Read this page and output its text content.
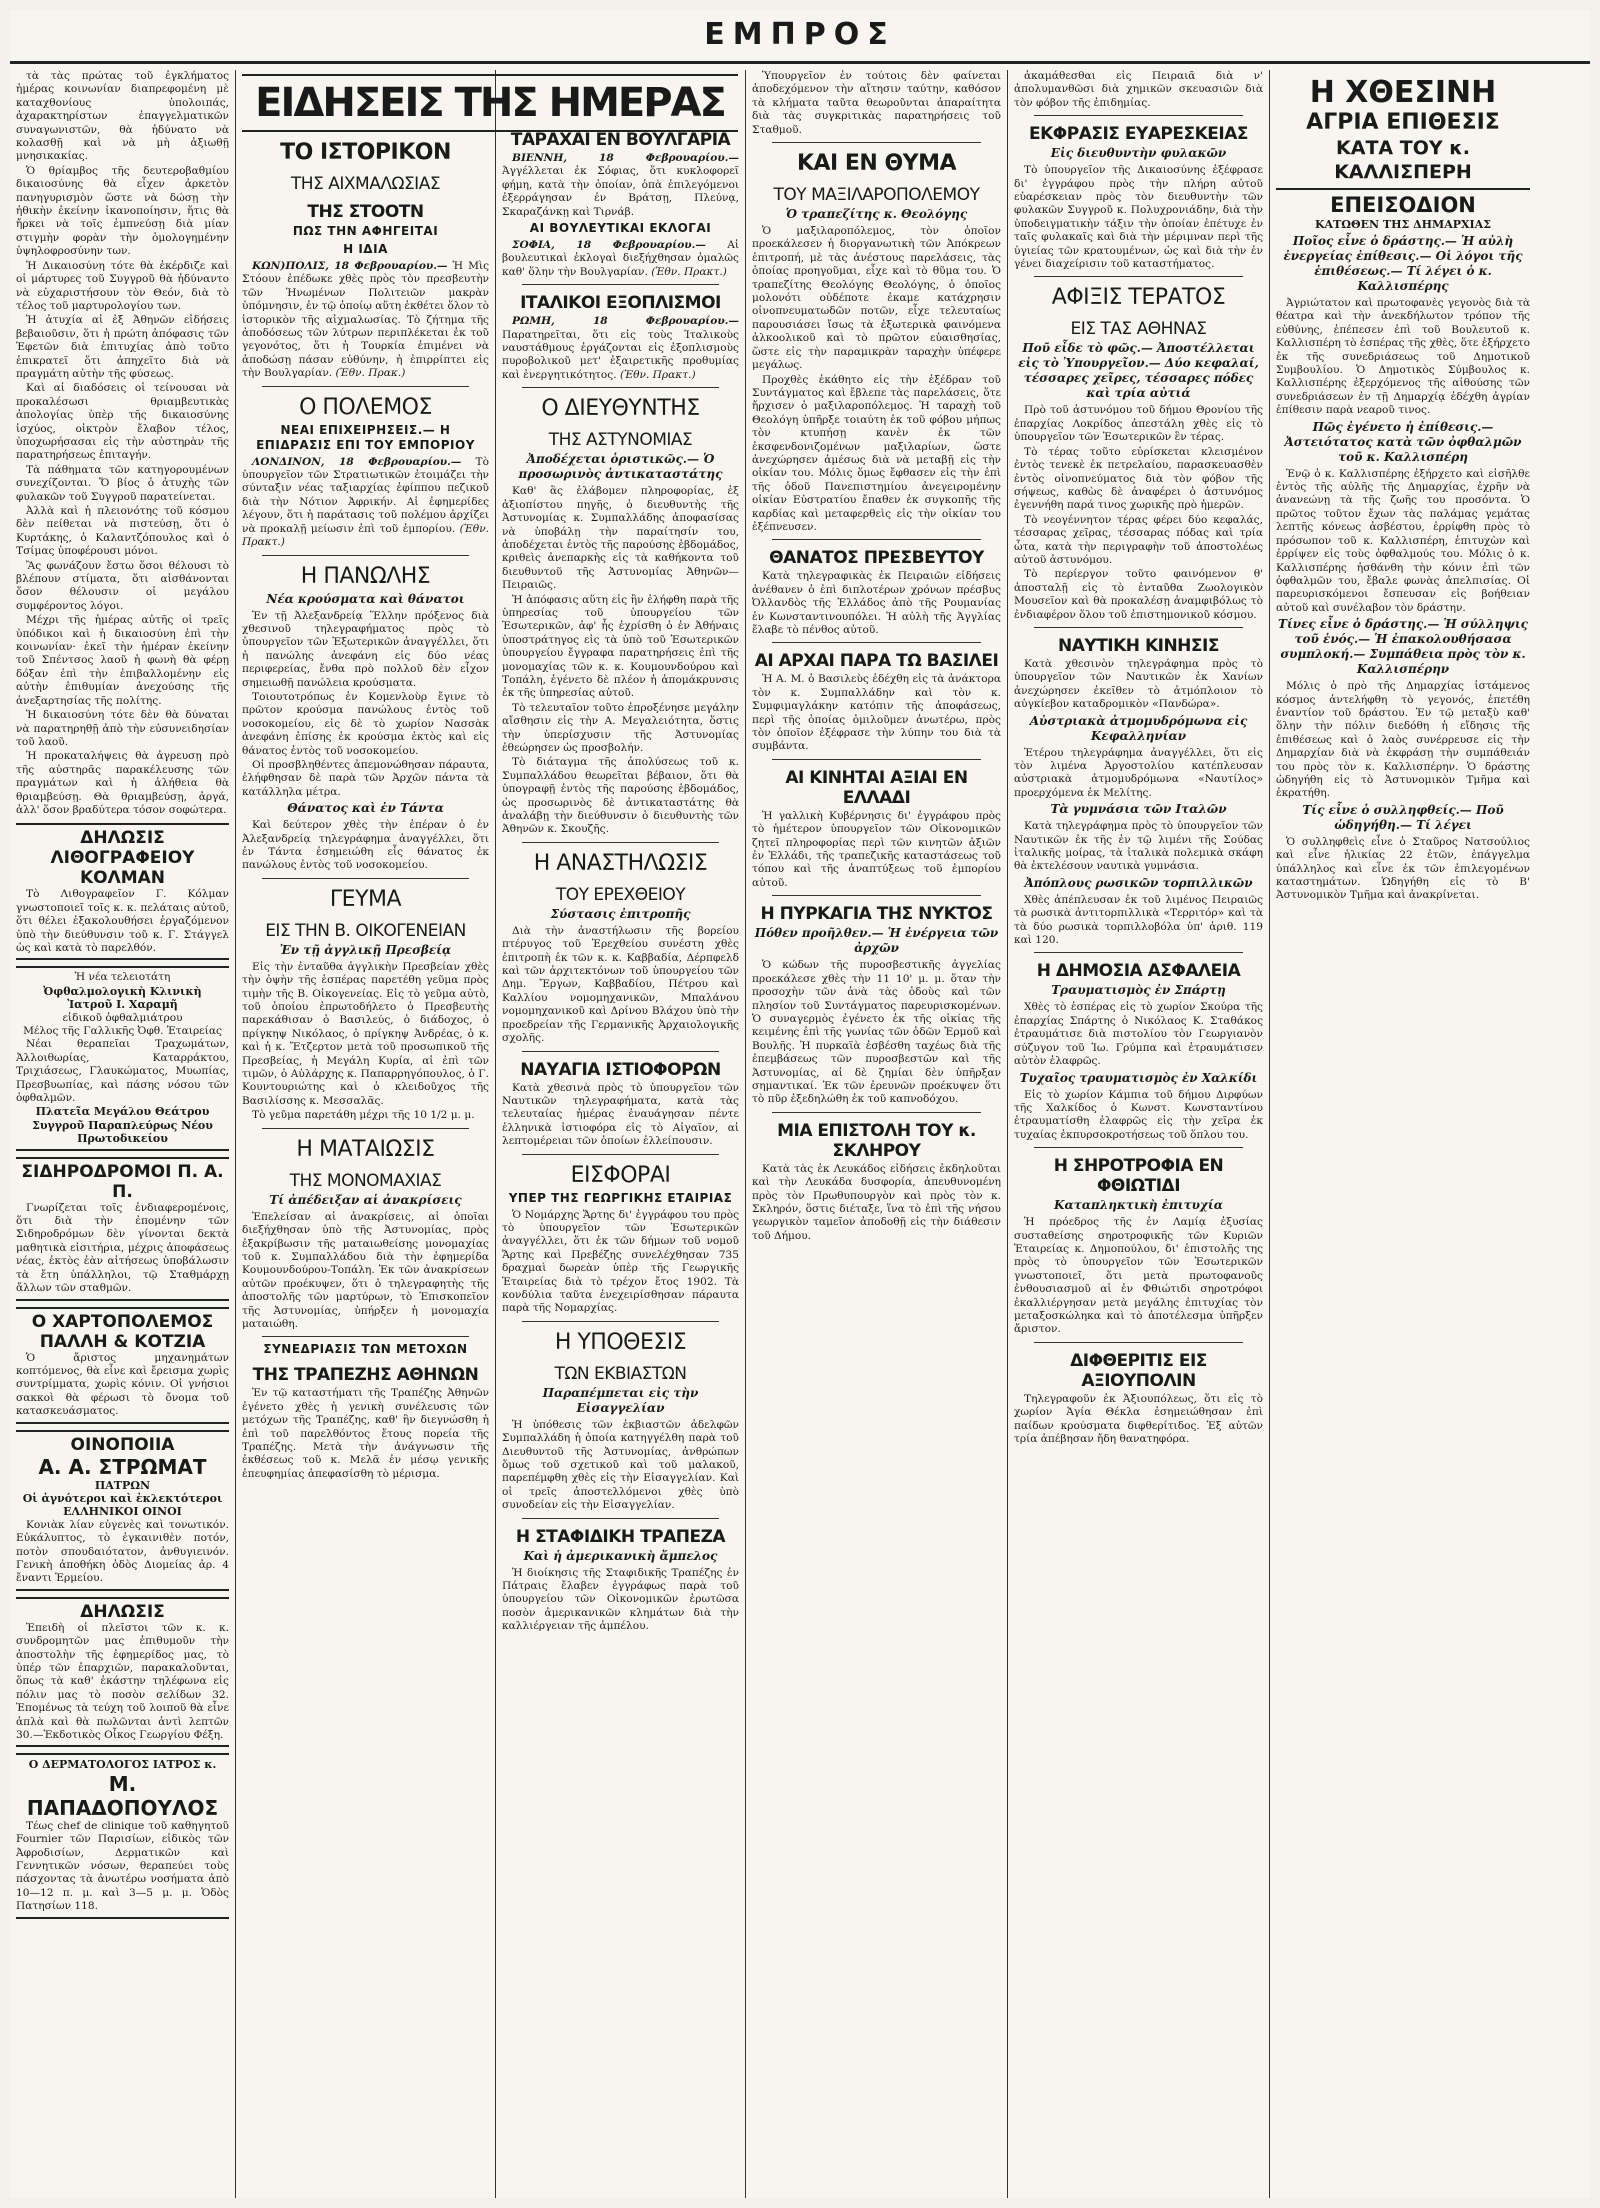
ΕΜΠΡΟΣ

τὰ τὰς πρώτας τοῦ ἐγκλήματος ἡμέρας κοινωνίαν διαπρεφομένη μὲ καταχθονίους ὑπολοιπάς, ἀχαρακτηρίστων ἐπαγγελματικῶν συναγωνιστῶν, θὰ ἠδύνατο νὰ κολασθῇ καὶ νὰ μὴ ἀξιωθῇ μνησικακίας.

Ὁ θρίαμβος τῆς δευτεροβαθμίου δικαιοσύνης θὰ εἶχεν ἀρκετὸν πανηγυρισμὸν ὥστε νὰ δώσῃ τὴν ἠθικὴν ἐκείνην ἱκανοποίησιν, ἥτις θὰ ἤρκει νὰ τοῖς ἐμπνεύσῃ διὰ μίαν στιγμὴν φορὰν τὴν ὁμολογημένην ὑψηλοφροσύνην των.

Ἡ Δικαιοσύνη τότε θὰ ἐκέρδιζε καὶ οἱ μάρτυρες τοῦ Συγγροῦ θὰ ἠδύναντο νὰ εὐχαριστήσουν τὸν Θεόν, διὰ τὸ τέλος τοῦ μαρτυρολογίου των.

Ἡ ἀτυχία αἱ ἐξ Ἀθηνῶν εἰδήσεις βεβαιοῦσιν, ὅτι ἡ πρώτη ἀπόφασις τῶν Ἐφετῶν διὰ ἐπιτυχίας ἀπὸ τοῦτο ἐπικρατεῖ ὅτι ἀπηχεῖτο διὰ νὰ πραγμάτη αὐτὴν τῆς φύσεως.

Καὶ αἱ διαδόσεις οἱ τείνουσαι νὰ προκαλέσωσι θριαμβευτικὰς ἀπολογίας ὑπὲρ τῆς δικαιοσύνης ἰσχύος, οἰκτρὸν ἔλαβον τέλος, ὑποχωρήσασαι εἰς τὴν αὐστηρὰν τῆς παρατηρήσεως ἐπιταγήν.

Τὰ πάθηματα τῶν κατηγορουμένων συνεχίζονται. Ὅ βίος ὁ ἀτυχὴς τῶν φυλακῶν τοῦ Συγγροῦ παρατείνεται.

Ἀλλὰ καὶ ἡ πλειονότης τοῦ κόσμου δὲν πείθεται νὰ πιστεύσῃ, ὅτι ὁ Κυρτάκης, ὁ Καλαντζόπουλος καὶ ὁ Τσίμας ὑποφέρουσι μόνοι.

Ἂς φωνάζουν ἔστω ὅσοι θέλουσι τὸ βλέπουν στίματα, ὅτι αἰσθάνονται ὅσον θέλουσιν οἱ μεγάλου συμφέροντος λόγοι.

Μέχρι τῆς ἡμέρας αὐτῆς οἱ τρεῖς ὑπόδικοι καὶ ἡ δικαιοσύνη ἐπὶ τὴν κοινωνίαν· ἐκεῖ τὴν ἡμέραν ἐκείνην τοῦ Σπέντσος λαοῦ ἡ φωνὴ θὰ φέρῃ δόξαν ἐπὶ τὴν ἐπιβαλλομένην εἰς αὐτὴν ἐπιθυμίαν ἀνεχούσης τῆς ἀνεξαρτησίας τῆς πολίτης.

Ἡ δικαιοσύνη τότε δὲν θὰ δύναται νὰ παρατηρηθῇ ἀπὸ τὴν εὐσυνειδησίαν τοῦ λαοῦ.

Ἡ προκαταλήψεις θὰ ἀγρευσῃ πρὸ τῆς αὐστηρᾶς παρακέλευσης τῶν πραγμάτων καὶ ἡ ἀλήθεια θὰ θριαμβεύσῃ. Θὰ θριαμβεύσῃ, ἀργά, ἀλλ' ὅσον βραδύτερα τόσον σοφώτερα.

ΔΗΛΩΣΙΣ
ΛΙΘΟΓΡΑΦΕΙΟΥ ΚΟΛΜΑΝ
Τὸ Λιθογραφεῖον Γ. Κόλμαν γνωστοποιεῖ τοῖς κ. κ. πελάταις αὐτοῦ, ὅτι θέλει ἐξακολουθήσει ἐργαζόμενον ὑπὸ τὴν διεύθυνσιν τοῦ κ. Γ. Στάγγελ ὡς καὶ κατὰ τὸ παρελθόν.
Ἡ νέα τελειοτάτη
Ὀφθαλμολογικὴ Κλινικὴ
Ἰατροῦ Ι. Χαραμῆ
εἰδικοῦ ὀφθαλμιάτρου
Μέλος τῆς Γαλλικῆς Ὀφθ. Ἑταιρείας
Νέαι θεραπεῖαι Τραχωμάτων, Ἀλλοιθωρίας, Καταρράκτου, Τριχιάσεως, Γλαυκώματος, Μυωπίας, Πρεσβυωπίας, καὶ πάσης νόσου τῶν ὀφθαλμῶν.
Πλατεῖα Μεγάλου Θεάτρου Συγγροῦ Παραπλεύρως Νέου Πρωτοδικείου
ΣΙΔΗΡΟΔΡΟΜΟΙ Π. Α. Π.
Γνωρίζεται τοῖς ἐνδιαφερομένοις, ὅτι διὰ τὴν ἐπομένην τῶν Σιδηροδρόμων δὲν γίνονται δεκτὰ μαθητικὰ εἰσιτήρια, μέχρις ἀποφάσεως νέας, ἐκτὸς ἐὰν αἰτήσεως ὑποβάλωσιν τὰ ἔτη ὑπάλληλοι, τῷ Σταθμάρχῃ ἄλλων τῶν σταθμῶν.
Ο ΧΑΡΤΟΠΟΛΕΜΟΣ
ΠΑΛΛΗ & ΚΟΤΖΙΑ
Ὁ ἄριστος μηχανημάτων κοπτόμενος, θὰ εἶνε καὶ ἔρεισμα χωρὶς συντρίμματα, χωρὶς κόνιν. Οἱ γνήσιοι σακκοὶ θὰ φέρωσι τὸ ὄνομα τοῦ κατασκευάσματος.
ΟΙΝΟΠΟΙΙΑ
Α. Α. ΣΤΡΩΜΑΤ
ΠΑΤΡΩΝ
Οἱ ἀγνότεροι καὶ ἐκλεκτότεροι ΕΛΛΗΝΙΚΟΙ ΟΙΝΟΙ
Κονιὰκ λίαν εὐγενὲς καὶ τονωτικόν. Εὐκάλυπτος, τὸ ἐγκαινιθὲν ποτόν, ποτὸν σπουδαιότατον, ἀνθυγιεινόν. Γενικὴ ἀποθήκη ὁδὸς Διομείας ἀρ. 4 ἔναντι Ἑρμείου.
ΔΗΛΩΣΙΣ
Ἐπειδὴ οἱ πλεῖστοι τῶν κ. κ. συνδρομητῶν μας ἐπιθυμοῦν τὴν ἀποστολὴν τῆς ἐφημερίδος μας, τὸ ὑπέρ τῶν ἐπαρχιῶν, παρακαλοῦνται, ὅπως τὰ καθ' ἑκάστην τηλέφωνα εἰς πόλιν μας τὸ ποσὸν σελίδων 32. Ἐπομένως τὰ τεύχη τοῦ λοιποῦ θὰ εἶνε ἁπλὰ καὶ θὰ πωλῶνται ἀντὶ λεπτῶν 30.—Ἐκδοτικὸς Οἶκος Γεωργίου Φέξη.
Ο ΔΕΡΜΑΤΟΛΟΓΟΣ ΙΑΤΡΟΣ κ.
Μ. ΠΑΠΑΔΟΠΟΥΛΟΣ
Τέως chef de clinique τοῦ καθηγητοῦ Fournier τῶν Παρισίων, εἰδικὸς τῶν Ἀφροδισίων, Δερματικῶν καὶ Γεννητικῶν νόσων, θεραπεύει τοὺς πάσχοντας τὰ ἀνωτέρω νοσήματα ἀπὸ 10—12 π. μ. καὶ 3—5 μ. μ. Ὁδὸς Πατησίων 118.
ΕΙΔΗΣΕΙΣ ΤΗΣ ΗΜΕΡΑΣ
ΤΟ ΙΣΤΟΡΙΚΟΝ
ΤΗΣ ΑΙΧΜΑΛΩΣΙΑΣ
ΤΗΣ ΣΤΟΟΤΝ
ΠΩΣ ΤΗΝ ΑΦΗΓΕΙΤΑΙ
Η ΙΔΙΑ

ΚΩΝ)ΠΟΛΙΣ, 18 Φεβρουαρίου.— Ἡ Μὶς Στόουν ἐπέδωκε χθὲς πρὸς τὸν πρεσβευτὴν τῶν Ἡνωμένων Πολιτειῶν μακρὰν ὑπόμνησιν, ἐν τῷ ὁποίῳ αὕτη ἐκθέτει ὅλον τὸ ἱστορικὸν τῆς αἰχμαλωσίας. Τὸ ζήτημα τῆς ἀποδόσεως τῶν λύτρων περιπλέκεται ἐκ τοῦ γεγονότος, ὅτι ἡ Τουρκία ἐπιμένει νὰ ἀποδώσῃ πάσαν εὐθύνην, ἡ ἐπιρρίπτει εἰς τὴν Βουλγαρίαν. (Ἐθν. Πρακ.)

Ο ΠΟΛΕΜΟΣ
ΝΕΑΙ ΕΠΙΧΕΙΡΗΣΕΙΣ.— Η ΕΠΙΔΡΑΣΙΣ ΕΠΙ ΤΟΥ ΕΜΠΟΡΙΟΥ

ΛΟΝΔΙΝΟΝ, 18 Φεβρουαρίου.— Τὸ ὑπουργεῖον τῶν Στρατιωτικῶν ἑτοιμάζει τὴν σύνταξιν νέας ταξιαρχίας ἐφίππου πεζικοῦ διὰ τὴν Νότιον Ἀφρικήν. Αἱ ἐφημερίδες λέγουν, ὅτι ἡ παράτασις τοῦ πολέμου ἀρχίζει νὰ προκαλῇ μείωσιν ἐπὶ τοῦ ἐμπορίου. (Ἐθν. Πρακτ.)

Η ΠΑΝΩΛΗΣ
Νέα κρούσματα καὶ θάνατοι

Ἐν τῇ Ἀλεξανδρείᾳ Ἕλλην πρόξενος διὰ χθεσινοῦ τηλεγραφήματος πρὸς τὸ ὑπουργεῖον τῶν Ἐξωτερικῶν ἀναγγέλλει, ὅτι ἡ πανώλης ἀνεφάνη εἰς δύο νέας περιφερείας, ἔνθα πρὸ πολλοῦ δὲν εἶχον σημειωθῇ πανώλεια κρούσματα.

Τοιουτοτρόπως ἐν Κομενλοὺρ ἔγινε τὸ πρῶτον κρούσμα πανώλους ἐντὸς τοῦ νοσοκομείου, εἰς δὲ τὸ χωρίον Νασσὰκ ἀνεφάνη ἐπίσης ἐκ κρούσμα ἐκτὸς καὶ εἰς θάνατος ἐντὸς τοῦ νοσοκομείου.

Οἱ προσβληθέντες ἀπεμονώθησαν πάραυτα, ἐλήφθησαν δὲ παρὰ τῶν Ἀρχῶν πάντα τὰ κατάλληλα μέτρα.

Θάνατος καὶ ἐν Τάντα

Καὶ δεύτερον χθὲς τὴν ἐπέραν ὁ ἐν Ἀλεξανδρείᾳ τηλεγράφημα ἀναγγέλλει, ὅτι ἐν Τάντα ἐσημειώθη εἷς θάνατος ἐκ πανώλους ἐντὸς τοῦ νοσοκομείου.

ΓΕΥΜΑ
ΕΙΣ ΤΗΝ Β. ΟΙΚΟΓΕΝΕΙΑΝ
Ἐν τῇ ἀγγλικῇ Πρεσβείᾳ

Εἰς τὴν ἐνταῦθα ἀγγλικὴν Πρεσβείαν χθὲς τὴν ὀψὴν τῆς ἑσπέρας παρετέθη γεῦμα πρὸς τιμὴν τῆς Β. Οἰκογενείας. Εἰς τὸ γεῦμα αὐτὸ, τοῦ ὁποίου ἐπρωτοδήλετο ὁ Πρεσβευτὴς παρεκάθισαν ὁ Βασιλεύς, ὁ διάδοχος, ὁ πρίγκηψ Νικόλαος, ὁ πρίγκηψ Ἀνδρέας, ὁ κ. καὶ ἡ κ. Ἔτζερτον μετὰ τοῦ προσωπικοῦ τῆς Πρεσβείας, ἡ Μεγάλη Κυρία, αἱ ἐπὶ τῶν τιμῶν, ὁ Αὐλάρχης κ. Παπαρρηγόπουλος, ὁ Γ. Κουντουριώτης καὶ ὁ κλειδοῦχος τῆς Βασιλίσσης κ. Μεσσαλᾶς.

Τὸ γεῦμα παρετάθη μέχρι τῆς 10 1/2 μ. μ.

Η ΜΑΤΑΙΩΣΙΣ
ΤΗΣ ΜΟΝΟΜΑΧΙΑΣ
Τί ἀπέδειξαν αἱ ἀνακρίσεις

Ἐπελείσαν αἱ ἀνακρίσεις, αἱ ὁποῖαι διεξήχθησαν ὑπὸ τῆς Ἀστυνομίας, πρὸς ἐξακρίβωσιν τῆς ματαιωθείσης μονομαχίας τοῦ κ. Συμπαλλάδου διὰ τὴν ἐφημερίδα Κουμουνδούρου-Τοπάλη. Ἐκ τῶν ἀνακρίσεων αὐτῶν προέκυψεν, ὅτι ὁ τηλεγραφητὴς τῆς ἀποστολῆς τῶν μαρτύρων, τὸ Ἐπισκοπεῖον τῆς Ἀστυνομίας, ὑπήρξεν ἡ μονομαχία ματαιώθη.

ΣΥΝΕΔΡΙΑΣΙΣ ΤΩΝ ΜΕΤΟΧΩΝ
ΤΗΣ ΤΡΑΠΕΖΗΣ ΑΘΗΝΩΝ

Ἐν τῷ καταστήματι τῆς Τραπέζης Ἀθηνῶν ἐγένετο χθὲς ἡ γενικὴ συνέλευσις τῶν μετόχων τῆς Τραπέζης, καθ' ἣν διεγνώσθη ἡ ἐπὶ τοῦ παρελθόντος ἔτους πορεία τῆς Τραπέζης. Μετὰ τὴν ἀνάγνωσιν τῆς ἐκθέσεως τοῦ κ. Μελᾶ ἐν μέσῳ γενικῆς ἐπευφημίας ἀπεφασίσθη τὸ μέρισμα.

ΤΑΡΑΧΑΙ ΕΝ ΒΟΥΛΓΑΡΙΑ

ΒΙΕΝΝΗ, 18 Φεβρουαρίου.— Ἀγγέλλεται ἐκ Σόφιας, ὅτι κυκλοφορεῖ φήμη, κατὰ τὴν ὁποίαν, ὁπὰ ἐπιλεγόμενοι ἐξερράγησαν ἐν Βράτσῃ, Πλεύνᾳ, Σκαραζάνκῃ καὶ Τιρνάβ.

ΑΙ ΒΟΥΛΕΥΤΙΚΑΙ ΕΚΛΟΓΑΙ

ΣΟΦΙΑ, 18 Φεβρουαρίου.— Αἱ βουλευτικαὶ ἐκλογαὶ διεξήχθησαν ὁμαλῶς καθ' ὅλην τὴν Βουλγαρίαν. (Ἐθν. Πρακτ.)

ΙΤΑΛΙΚΟΙ ΕΞΟΠΛΙΣΜΟΙ

ΡΩΜΗ, 18 Φεβρουαρίου.— Παρατηρεῖται, ὅτι εἰς τοὺς Ἰταλικοὺς ναυστάθμους ἐργάζονται εἰς ἐξοπλισμοὺς πυροβολικοῦ μετ' ἐξαιρετικῆς προθυμίας καὶ ἐνεργητικότητος. (Ἐθν. Πρακτ.)

Ο ΔΙΕΥΘΥΝΤΗΣ
ΤΗΣ ΑΣΤΥΝΟΜΙΑΣ
Ἀποδέχεται ὁριστικῶς.— Ὁ προσωρινὸς ἀντικαταστάτης

Καθ' ἃς ἐλάβομεν πληροφορίας, ἐξ ἀξιοπίστου πηγῆς, ὁ διευθυντὴς τῆς Ἀστυνομίας κ. Συμπαλλάδης ἀποφασίσας νὰ ὑποβάλῃ τὴν παραίτησίν του, ἀποδέχεται ἐντὸς τῆς παρούσης ἑβδομάδος, κριθεὶς ἀνεπαρκὴς εἰς τὰ καθήκοντα τοῦ διευθυντοῦ τῆς Ἀστυνομίας Ἀθηνῶν—Πειραιῶς.

Ἡ ἀπόφασις αὕτη εἰς ἣν ἐλήφθη παρὰ τῆς ὑπηρεσίας τοῦ ὑπουργείου τῶν Ἐσωτερικῶν, ἀφ' ἧς ἐχρίσθη ὁ ἐν Ἀθήναις ὑποστράτηγος εἰς τὰ ὑπὸ τοῦ Ἐσωτερικῶν ὑπουργείου ἔγγραφα παρατηρήσεις ἐπὶ τῆς μονομαχίας τῶν κ. κ. Κουμουνδούρου καὶ Τοπάλη, ἐγένετο δὲ πλέον ἡ ἀπομάκρυνσις ἐκ τῆς ὑπηρεσίας αὐτοῦ.

Τὸ τελευταῖον τοῦτο ἐπροξένησε μεγάλην αἴσθησιν εἰς τὴν Α. Μεγαλειότητα, ὅστις τὴν ὑπερίσχυσιν τῆς Ἀστυνομίας ἐθεώρησεν ὡς προσβολήν.

Τὸ διάταγμα τῆς ἀπολύσεως τοῦ κ. Συμπαλλάδου θεωρεῖται βέβαιον, ὅτι θὰ ὑπογραφῇ ἐντὸς τῆς παρούσης ἑβδομάδος, ὡς προσωρινὸς δὲ ἀντικαταστάτης θὰ ἀναλάβῃ τὴν διεύθυνσιν ὁ διευθυντὴς τῶν Ἀθηνῶν κ. Σκουζῆς.

Η ΑΝΑΣΤΗΛΩΣΙΣ
ΤΟΥ ΕΡΕΧΘΕΙΟΥ
Σύστασις ἐπιτροπῆς

Διὰ τὴν ἀναστήλωσιν τῆς βορείου πτέρυγος τοῦ Ἐρεχθείου συνέστη χθὲς ἐπιτροπὴ ἐκ τῶν κ. κ. Καββαδία, Δέρπφελδ καὶ τῶν ἀρχιτεκτόνων τοῦ ὑπουργείου τῶν Δημ. Ἔργων, Καββαδίου, Πέτρου καὶ Καλλίου νομομηχανικῶν, Μπαλάνου νομομηχανικοῦ καὶ Δρίνου Βλάχου ὑπὸ τὴν προεδρείαν τῆς Γερμανικῆς Ἀρχαιολογικῆς σχολῆς.

ΝΑΥΑΓΙΑ ΙΣΤΙΟΦΟΡΩΝ

Κατὰ χθεσινὰ πρὸς τὸ ὑπουργεῖον τῶν Ναυτικῶν τηλεγραφήματα, κατὰ τὰς τελευταίας ἡμέρας ἐναυάγησαν πέντε ἑλληνικὰ ἱστιοφόρα εἰς τὸ Αἰγαῖον, αἱ λεπτομέρειαι τῶν ὁποίων ἐλλείπουσιν.

ΕΙΣΦΟΡΑΙ
ΥΠΕΡ ΤΗΣ ΓΕΩΡΓΙΚΗΣ ΕΤΑΙΡΙΑΣ

Ὁ Νομάρχης Ἄρτης δι' ἐγγράφου του πρὸς τὸ ὑπουργεῖον τῶν Ἐσωτερικῶν ἀναγγέλλει, ὅτι ἐκ τῶν δήμων τοῦ νομοῦ Ἄρτης καὶ Πρεβέζης συνελέχθησαν 735 δραχμαὶ δωρεὰν ὑπὲρ τῆς Γεωργικῆς Ἑταιρείας διὰ τὸ τρέχον ἔτος 1902. Τὰ κονδύλια ταῦτα ἐνεχειρίσθησαν πάραυτα παρὰ τῆς Νομαρχίας.

Η ΥΠΟΘΕΣΙΣ
ΤΩΝ ΕΚΒΙΑΣΤΩΝ
Παραπέμπεται εἰς τὴν Εἰσαγγελίαν

Ἡ ὑπόθεσις τῶν ἐκβιαστῶν ἀδελφῶν Συμπαλλάδη ἡ ὁποία κατηγγέλθη παρὰ τοῦ Διευθυντοῦ τῆς Ἀστυνομίας, ἀνθρώπων ὅμως τοῦ σχετικοῦ καὶ τοῦ μαλακοῦ, παρεπέμφθη χθὲς εἰς τὴν Εἰσαγγελίαν. Καὶ οἱ τρεῖς ἀποστελλόμενοι χθὲς ὑπὸ συνοδείαν εἰς τὴν Εἰσαγγελίαν.

Η ΣΤΑΦΙΔΙΚΗ ΤΡΑΠΕΖΑ
Καὶ ἡ ἀμερικανικὴ ἄμπελος

Ἡ διοίκησις τῆς Σταφιδικῆς Τραπέζης ἐν Πάτραις ἔλαβεν ἐγγράφως παρὰ τοῦ ὑπουργείου τῶν Οἰκονομικῶν ἐρωτῶσα ποσὸν ἀμερικανικῶν κλημάτων διὰ τὴν καλλιέργειαν τῆς ἀμπέλου.

Ὑπουργεῖον ἐν τούτοις δὲν φαίνεται ἀποδεχόμενον τὴν αἴτησιν ταύτην, καθόσον τὰ κλήματα ταῦτα θεωροῦνται ἀπαραίτητα διὰ τὰς συγκριτικὰς παρατηρήσεις τοῦ Σταθμοῦ.

ΚΑΙ ΕΝ ΘΥΜΑ
ΤΟΥ ΜΑΞΙΛΑΡΟΠΟΛΕΜΟΥ
Ὁ τραπεζίτης κ. Θεολόγης

Ὁ μαξιλαροπόλεμος, τὸν ὁποῖον προεκάλεσεν ἡ διοργανωτικὴ τῶν Ἀπόκρεων ἐπιτροπή, μὲ τὰς ἀνέστους παρελάσεις, τὰς ὁποίας προηγοῦμαι, εἶχε καὶ τὸ θῦμα του. Ὁ τραπεζίτης Θεολόγης Θεολόγης, ὁ ὁποῖος μολονότι οὐδέποτε ἐκαμε κατάχρησιν οἰνοπνευματωδῶν ποτῶν, εἶχε τελευταίως παρουσιάσει ἴσως τὰ ἐξωτερικὰ φαινόμενα ἀλκοολικοῦ καὶ τὸ πρῶτον εὐαισθησίας, ὥστε εἰς τὴν παραμικρὰν ταραχὴν ὑπέφερε μεγάλως.

Προχθὲς ἐκάθητο εἰς τὴν ἐξέδραν τοῦ Συντάγματος καὶ ἔβλεπε τὰς παρελάσεις, ὅτε ἤρχισεν ὁ μαξιλαροπόλεμος. Ἡ ταραχὴ τοῦ Θεολόγη ὑπῆρξε τοιαύτη ἐκ τοῦ φόβου μήπως τὸν κτυπήσῃ κανὲν ἐκ τῶν ἐκσφενδονιζομένων μαξιλαρίων, ὥστε ἀνεχώρησεν ἀμέσως διὰ νὰ μεταβῇ εἰς τὴν οἰκίαν του. Μόλις ὅμως ἔφθασεν εἰς τὴν ἐπὶ τῆς ὁδοῦ Πανεπιστημίου ἀνεγειρομένην οἰκίαν Εὐστρατίου ἔπαθεν ἐκ συγκοπῆς τῆς καρδίας καὶ μεταφερθεὶς εἰς τὴν οἰκίαν του ἐξέπνευσεν.

ΘΑΝΑΤΟΣ ΠΡΕΣΒΕΥΤΟΥ

Κατὰ τηλεγραφικὰς ἐκ Πειραιῶν εἰδήσεις ἀνέθανεν ὁ ἐπὶ διπλοτέρων χρόνων πρέσβυς Ὀλλανδὸς τῆς Ἑλλάδος ἀπὸ τῆς Ρουμανίας ἐν Κωνσταντινουπόλει. Ἡ αὐλὴ τῆς Ἀγγλίας ἔλαβε τὸ πένθος αὐτοῦ.

ΑΙ ΑΡΧΑΙ ΠΑΡΑ ΤΩ ΒΑΣΙΛΕΙ

Ἡ Α. Μ. ὁ Βασιλεὺς ἐδέχθη εἰς τὰ ἀνάκτορα τὸν κ. Συμπαλλάδην καὶ τὸν κ. Συμφιμαγλάκην κατόπιν τῆς ἀποφάσεως, περὶ τῆς ὁποίας ὁμιλοῦμεν ἀνωτέρω, πρὸς τὸν ὁποῖον ἐξέφρασε τὴν λύπην του διὰ τὰ συμβάντα.

ΑΙ ΚΙΝΗΤΑΙ ΑΞΙΑΙ ΕΝ ΕΛΛΑΔΙ

Ἡ γαλλικὴ Κυβέρνησις δι' ἐγγράφου πρὸς τὸ ἡμέτερον ὑπουργεῖον τῶν Οἰκονομικῶν ζητεῖ πληροφορίας περὶ τῶν κινητῶν ἀξιῶν ἐν Ἑλλάδι, τῆς τραπεζικῆς καταστάσεως τοῦ τόπου καὶ τῆς ἀναπτύξεως τοῦ ἐμπορίου αὐτοῦ.

Η ΠΥΡΚΑΓΙΑ ΤΗΣ ΝΥΚΤΟΣ
Πόθεν προῆλθεν.— Ἡ ἐνέργεια τῶν ἀρχῶν

Ὁ κώδων τῆς πυροσβεστικῆς ἀγγελίας προεκάλεσε χθὲς τὴν 11 10' μ. μ. ὅταν τὴν προσοχὴν τῶν ἀνὰ τὰς ὁδοὺς καὶ τῶν πλησίον τοῦ Συντάγματος παρευρισκομένων. Ὁ συναγερμὸς ἐγένετο ἐκ τῆς οἰκίας τῆς κειμένης ἐπὶ τῆς γωνίας τῶν ὁδῶν Ἑρμοῦ καὶ Βουλῆς. Ἡ πυρκαϊὰ ἐσβέσθη ταχέως διὰ τῆς ἐπεμβάσεως τῶν πυροσβεστῶν καὶ τῆς Ἀστυνομίας, αἱ δὲ ζημίαι δὲν ὑπῆρξαν σημαντικαί. Ἐκ τῶν ἐρευνῶν προέκυψεν ὅτι τὸ πῦρ ἐξεδηλώθη ἐκ τοῦ καπνοδόχου.

ΜΙΑ ΕΠΙΣΤΟΛΗ ΤΟΥ κ. ΣΚΛΗΡΟΥ

Κατὰ τὰς ἐκ Λευκάδος εἰδήσεις ἐκδηλοῦται καὶ τὴν Λευκάδα δυσφορία, ἀπευθυνομένη πρὸς τὸν Πρωθυπουργὸν καὶ πρὸς τὸν κ. Σκληρόν, ὅστις διέταξε, ἵνα τὸ ἐπὶ τῆς νήσου γεωργικὸν ταμεῖον ἀποδοθῇ εἰς τὴν διάθεσιν τοῦ Δήμου.

ἀκαμάθεσθαι εἰς Πειραιᾶ διὰ ν' ἀπολυμανθῶσι διὰ χημικῶν σκευασιῶν διὰ τὸν φόβον τῆς ἐπιδημίας.

ΕΚΦΡΑΣΙΣ ΕΥΑΡΕΣΚΕΙΑΣ
Εἰς διευθυντὴν φυλακῶν

Τὸ ὑπουργεῖον τῆς Δικαιοσύνης ἐξέφρασε δι' ἐγγράφου πρὸς τὴν πλήρη αὐτοῦ εὐαρέσκειαν πρὸς τὸν διευθυντὴν τῶν φυλακῶν Συγγροῦ κ. Πολυχρονιάδην, διὰ τὴν ὑποδειγματικὴν τάξιν τὴν ὁποίαν ἐπέτυχε ἐν ταῖς φυλακαῖς καὶ διὰ τὴν μέριμναν περὶ τῆς ὑγιείας τῶν κρατουμένων, ὡς καὶ διὰ τὴν ἐν γένει διαχείρισιν τοῦ καταστήματος.

ΑΦΙΞΙΣ ΤΕΡΑΤΟΣ
ΕΙΣ ΤΑΣ ΑΘΗΝΑΣ
Ποῦ εἶδε τὸ φῶς.— Ἀποστέλλεται εἰς τὸ Ὑπουργεῖον.— Δύο κεφαλαί, τέσσαρες χεῖρες, τέσσαρες πόδες καὶ τρία αὐτιά

Πρὸ τοῦ ἀστυνόμου τοῦ δήμου Θρονίου τῆς ἐπαρχίας Λοκρίδος ἀπεστάλη χθὲς εἰς τὸ ὑπουργεῖον τῶν Ἐσωτερικῶν ἓν τέρας.

Τὸ τέρας τοῦτο εὑρίσκεται κλεισμένον ἐντὸς τενεκὲ ἐκ πετρελαίου, παρασκευασθὲν ἐντὸς οἰνοπνεύματος διὰ τὸν φόβον τῆς σήψεως, καθὼς δὲ ἀναφέρει ὁ ἀστυνόμος ἐγεννήθη παρά τινος χωρικῆς πρὸ ἡμερῶν.

Τὸ νεογέννητον τέρας φέρει δύο κεφαλάς, τέσσαρας χεῖρας, τέσσαρας πόδας καὶ τρία ὦτα, κατὰ τὴν περιγραφὴν τοῦ ἀποστολέως αὐτοῦ ἀστυνόμου.

Τὸ περίεργον τοῦτο φαινόμενον θ' ἀποσταλῇ εἰς τὸ ἐνταῦθα Ζωολογικὸν Μουσεῖον καὶ θὰ προκαλέσῃ ἀναμφιβόλως τὸ ἐνδιαφέρον ὅλου τοῦ ἐπιστημονικοῦ κόσμου.

ΝΑΥΤΙΚΗ ΚΙΝΗΣΙΣ

Κατὰ χθεσινὸν τηλεγράφημα πρὸς τὸ ὑπουργεῖον τῶν Ναυτικῶν ἐκ Χανίων ἀνεχώρησεν ἐκεῖθεν τὸ ἀτμόπλοιον τὸ αὐγκίεβον καταδρομικὸν «Πανδώρα».

Αὐστριακὰ ἀτμομυδρόμωνα εἰς Κεφαλληνίαν

Ἐτέρου τηλεγράφημα ἀναγγέλλει, ὅτι εἰς τὸν λιμένα Ἀργοστολίου κατέπλευσαν αὐστριακὰ ἀτμομυδρόμωνα «Ναυτίλος» προερχόμενα ἐκ Μελίτης.

Τὰ γυμνάσια τῶν Ιταλῶν

Κατὰ τηλεγράφημα πρὸς τὸ ὑπουργεῖον τῶν Ναυτικῶν ἐκ τῆς ἐν τῷ λιμένι τῆς Σούδας ἰταλικῆς μοίρας, τὰ ἰταλικὰ πολεμικὰ σκάφη θὰ ἐκτελέσουν ναυτικὰ γυμνάσια.

Ἀπόπλους ρωσικῶν τορπιλλικῶν

Χθὲς ἀπέπλευσαν ἐκ τοῦ λιμένος Πειραιῶς τὰ ρωσικὰ ἀντιτορπιλλικὰ «Τερριτόρ» καὶ τὰ τὰ δύο ρωσικὰ τορπιλλοβόλα ὑπ' ἀριθ. 119 καὶ 120.

Η ΔΗΜΟΣΙΑ ΑΣΦΑΛΕΙΑ
Τραυματισμὸς ἐν Σπάρτῃ

Χθὲς τὸ ἑσπέρας εἰς τὸ χωρίον Σκούρα τῆς ἐπαρχίας Σπάρτης ὁ Νικόλαος Κ. Σταθάκος ἐτραυμάτισε διὰ πιστολίου τὸν Γεωργιανὸν σύζυγον τοῦ Ἰω. Γρύμπα καὶ ἐτραυμάτισεν αὐτὸν ἐλαφρῶς.

Τυχαῖος τραυματισμὸς ἐν Χαλκίδι

Εἰς τὸ χωρίον Κάμπια τοῦ δήμου Διρφύων τῆς Χαλκίδος ὁ Κωνστ. Κωνσταντίνου ἐτραυματίσθη ἐλαφρῶς εἰς τὴν χεῖρα ἐκ τυχαίας ἐκπυρσοκροτήσεως τοῦ ὅπλου του.

Η ΣΗΡΟΤΡΟΦΙΑ ΕΝ ΦΘΙΩΤΙΔΙ
Καταπληκτικὴ ἐπιτυχία

Ἡ πρόεδρος τῆς ἐν Λαμίᾳ ἐξυσίας συσταθείσης σηροτροφικῆς τῶν Κυριῶν Ἑταιρείας κ. Δημοπούλου, δι' ἐπιστολῆς της πρὸς τὸ ὑπουργεῖον τῶν Ἐσωτερικῶν γνωστοποιεῖ, ὅτι μετὰ πρωτοφανοῦς ἐνθουσιασμοῦ αἱ ἐν Φθιώτιδι σηροτρόφοι ἐκαλλιέργησαν μετὰ μεγάλης ἐπιτυχίας τὸν μεταξοσκώληκα καὶ τὸ ἀποτέλεσμα ὑπῆρξεν ἄριστον.

ΔΙΦΘΕΡΙΤΙΣ ΕΙΣ ΑΞΙΟΥΠΟΛΙΝ

Τηλεγραφοῦν ἐκ Ἀξιουπόλεως, ὅτι εἰς τὸ χωρίον Ἁγία Θέκλα ἐσημειώθησαν ἐπὶ παίδων κρούσματα διφθερίτιδος. Ἐξ αὐτῶν τρία ἀπέβησαν ἤδη θανατηφόρα.

Η ΧΘΕΣΙΝΗ
ΑΓΡΙΑ ΕΠΙΘΕΣΙΣ
ΚΑΤΑ ΤΟΥ κ. ΚΑΛΛΙΣΠΕΡΗ
ΕΠΕΙΣΟΔΙΟΝ
ΚΑΤΩΘΕΝ ΤΗΣ ΔΗΜΑΡΧΙΑΣ
Ποῖος εἶνε ὁ δράστης.— Ἡ αὐλὴ ἐνεργείας ἐπίθεσις.— Οἱ λόγοι τῆς ἐπιθέσεως.— Τί λέγει ὁ κ. Καλλισπέρης

Ἀγριώτατον καὶ πρωτοφανὲς γεγονὸς διὰ τὰ θέατρα καὶ τὴν ἀνεκδήλωτον τρόπον τῆς εὐθύνης, ἐπέπεσεν ἐπὶ τοῦ Βουλευτοῦ κ. Καλλισπέρη τὸ ἑσπέρας τῆς χθὲς, ὅτε ἐξήρχετο ἐκ τῆς συνεδριάσεως τοῦ Δημοτικοῦ Συμβουλίου. Ὁ Δημοτικὸς Σύμβουλος κ. Καλλισπέρης ἐξερχόμενος τῆς αἰθούσης τῶν συνεδριάσεων ἐν τῇ Δημαρχίᾳ ἐδέχθη ἀγρίαν ἐπίθεσιν παρὰ νεαροῦ τινος.

Πῶς ἐγένετο ἡ ἐπίθεσις.— Ἀστειότατος κατὰ τῶν ὀφθαλμῶν τοῦ κ. Καλλισπέρη

Ἐνῷ ὁ κ. Καλλισπέρης ἐξήρχετο καὶ εἰσῆλθε ἐντὸς τῆς αὐλῆς τῆς Δημαρχίας, ἐχρῆν νὰ ἀνανεώνῃ τὰ τῆς ζωῆς του προσόντα. Ὁ πρῶτος τοῦτον ἔχων τὰς παλάμας γεμάτας λεπτῆς κόνεως ἀσβέστου, ἐρρίφθη πρὸς τὸ πρόσωπον τοῦ κ. Καλλισπέρη, ἐπιτυχὼν καὶ ἐρρίψεν εἰς τοὺς ὀφθαλμούς του. Μόλις ὁ κ. Καλλισπέρης ἠσθάνθη τὴν κόνιν ἐπὶ τῶν ὀφθαλμῶν του, ἔβαλε φωνὰς ἀπελπισίας. Οἱ παρευρισκόμενοι ἔσπευσαν εἰς βοήθειαν αὐτοῦ καὶ συνέλαβον τὸν δράστην.

Τίνες εἶνε ὁ δράστης.— Ἡ σύλληψις τοῦ ἑνός.— Ἡ ἐπακολουθήσασα συμπλοκή.— Συμπάθεια πρὸς τὸν κ. Καλλισπέρην

Μόλις ὁ πρὸ τῆς Δημαρχίας ἱστάμενος κόσμος ἀντελήφθη τὸ γεγονός, ἐπετέθη ἐναντίον τοῦ δράστου. Ἐν τῷ μεταξὺ καθ' ὅλην τὴν πόλιν διεδόθη ἡ εἴδησις τῆς ἐπιθέσεως καὶ ὁ λαὸς συνέρρευσε εἰς τὴν Δημαρχίαν διὰ νὰ ἐκφράσῃ τὴν συμπάθειάν του πρὸς τὸν κ. Καλλισπέρην. Ὁ δράστης ὠδηγήθη εἰς τὸ Ἀστυνομικὸν Τμῆμα καὶ ἐκρατήθη.

Τίς εἶνε ὁ συλληφθείς.— Ποῦ ὡδηγήθη.— Τί λέγει

Ὁ συλληφθεὶς εἶνε ὁ Σταῦρος Νατσούλιος καὶ εἶνε ἡλικίας 22 ἐτῶν, ἐπάγγελμα ὑπάλληλος καὶ εἶνε ἐκ τῶν ἐπιλεγομένων καταστημάτων. Ὡδηγήθη εἰς τὸ Β' Ἀστυνομικὸν Τμῆμα καὶ ἀνακρίνεται.
